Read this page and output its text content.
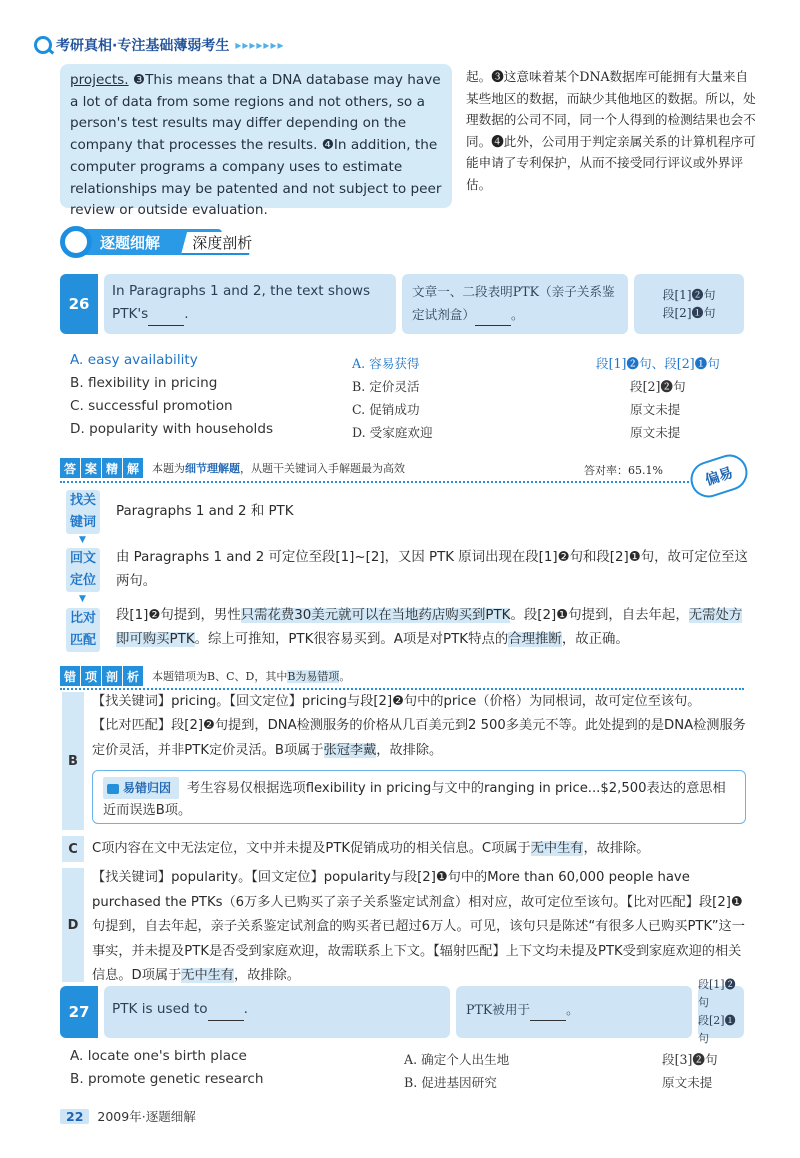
考研真相 ·专注基础薄弱考生 ▸▸▸▸▸▸▸
projects. ❸This means that a DNA database may have a lot of data from some regions and not others, so a person's test results may differ depending on the company that processes the results. ❹In addition, the computer programs a company uses to estimate relationships may be patented and not subject to peer review or outside evaluation.
起。❸这意味着某个DNA数据库可能拥有大量来自某些地区的数据，而缺少其他地区的数据。所以，处理数据的公司不同，同一个人得到的检测结果也会不同。❹此外，公司用于判定亲属关系的计算机程序可能申请了专利保护，从而不接受同行评议或外界评估。
逐题细解	深度剖析
26
In Paragraphs 1 and 2, the text shows PTK's	.
文章一、二段表明PTK（亲子关系鉴定试剂盒）	。
段[1]❷句
段[2]❶句
A. easy availability	A. 容易获得	段[1]❷句、段[2]❶句
B. flexibility in pricing	B. 定价灵活	段[2]❷句
C. successful promotion	C. 促销成功	原文未提
D. popularity with households	D. 受家庭欢迎	原文未提
答 案 精 解	本题为细节理解题，从题干关键词入手解题最为高效	答对率：65.1%	偏易
找关键词
Paragraphs 1 and 2 和 PTK
▼
回文定位
由 Paragraphs 1 and 2 可定位至段[1]~[2]，又因 PTK 原词出现在段[1]❷句和段[2]❶句，故可定位至这两句。
▼
比对匹配
段[1]❷句提到，男性只需花费30美元就可以在当地药店购买到PTK。段[2]❶句提到，自去年起，无需处方即可购买PTK。综上可推知，PTK很容易买到。A项是对PTK特点的合理推断，故正确。
错 项 剖 析	本题错项为B、C、D，其中B为易错项。
B
【找关键词】pricing。【回文定位】pricing与段[2]❷句中的price（价格）为同根词，故可定位至该句。
【比对匹配】段[2]❷句提到，DNA检测服务的价格从几百美元到2 500多美元不等。此处提到的是DNA检测服务定价灵活，并非PTK定价灵活。B项属于张冠李戴，故排除。
易错归因 考生容易仅根据选项flexibility in pricing与文中的ranging in price...$2,500表达的意思相近而误选B项。
C	C项内容在文中无法定位，文中并未提及PTK促销成功的相关信息。C项属于无中生有，故排除。
D
【找关键词】popularity。【回文定位】popularity与段[2]❶句中的More than 60,000 people have purchased the PTKs（6万多人已购买了亲子关系鉴定试剂盒）相对应，故可定位至该句。【比对匹配】段[2]❶句提到，自去年起，亲子关系鉴定试剂盒的购买者已超过6万人。可见，该句只是陈述“有很多人已购买PTK”这一事实，并未提及PTK是否受到家庭欢迎，故需联系上下文。【辐射匹配】上下文均未提及PTK受到家庭欢迎的相关信息。D项属于无中生有，故排除。
27	PTK is used to	.	PTK被用于	。
段[1]❷句
段[2]❶句
A. locate one's birth place	A. 确定个人出生地	段[3]❷句
B. promote genetic research	B. 促进基因研究	原文未提
22	2009年·逐题细解
